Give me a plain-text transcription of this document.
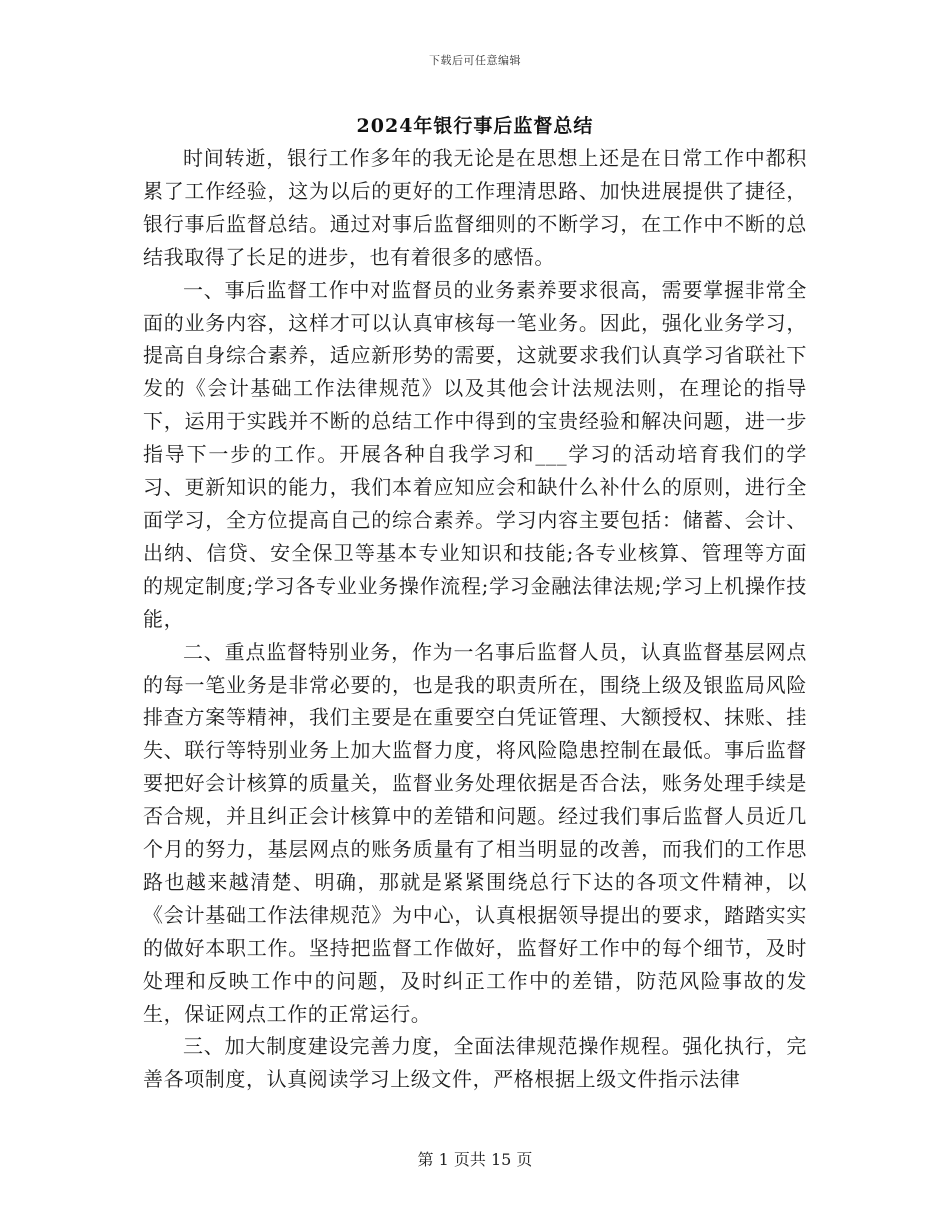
下载后可任意编辑
2024年银行事后监督总结

时间转逝，银行工作多年的我无论是在思想上还是在日常工作中都积累了工作经验，这为以后的更好的工作理清思路、加快进展提供了捷径，银行事后监督总结。通过对事后监督细则的不断学习，在工作中不断的总结我取得了长足的进步，也有着很多的感悟。

一、事后监督工作中对监督员的业务素养要求很高，需要掌握非常全面的业务内容，这样才可以认真审核每一笔业务。因此，强化业务学习，提高自身综合素养，适应新形势的需要，这就要求我们认真学习省联社下发的《会计基础工作法律规范》以及其他会计法规法则，在理论的指导下，运用于实践并不断的总结工作中得到的宝贵经验和解决问题，进一步指导下一步的工作。开展各种自我学习和___学习的活动培育我们的学习、更新知识的能力，我们本着应知应会和缺什么补什么的原则，进行全面学习，全方位提高自己的综合素养。学习内容主要包括：储蓄、会计、出纳、信贷、安全保卫等基本专业知识和技能;各专业核算、管理等方面的规定制度;学习各专业业务操作流程;学习金融法律法规;学习上机操作技能，

二、重点监督特别业务，作为一名事后监督人员，认真监督基层网点的每一笔业务是非常必要的，也是我的职责所在，围绕上级及银监局风险排查方案等精神，我们主要是在重要空白凭证管理、大额授权、抹账、挂失、联行等特别业务上加大监督力度，将风险隐患控制在最低。事后监督要把好会计核算的质量关，监督业务处理依据是否合法，账务处理手续是否合规，并且纠正会计核算中的差错和问题。经过我们事后监督人员近几个月的努力，基层网点的账务质量有了相当明显的改善，而我们的工作思路也越来越清楚、明确，那就是紧紧围绕总行下达的各项文件精神，以《会计基础工作法律规范》为中心，认真根据领导提出的要求，踏踏实实的做好本职工作。坚持把监督工作做好，监督好工作中的每个细节，及时处理和反映工作中的问题，及时纠正工作中的差错，防范风险事故的发生，保证网点工作的正常运行。

三、加大制度建设完善力度，全面法律规范操作规程。强化执行，完善各项制度，认真阅读学习上级文件，严格根据上级文件指示法律

第 1 页共 15 页
